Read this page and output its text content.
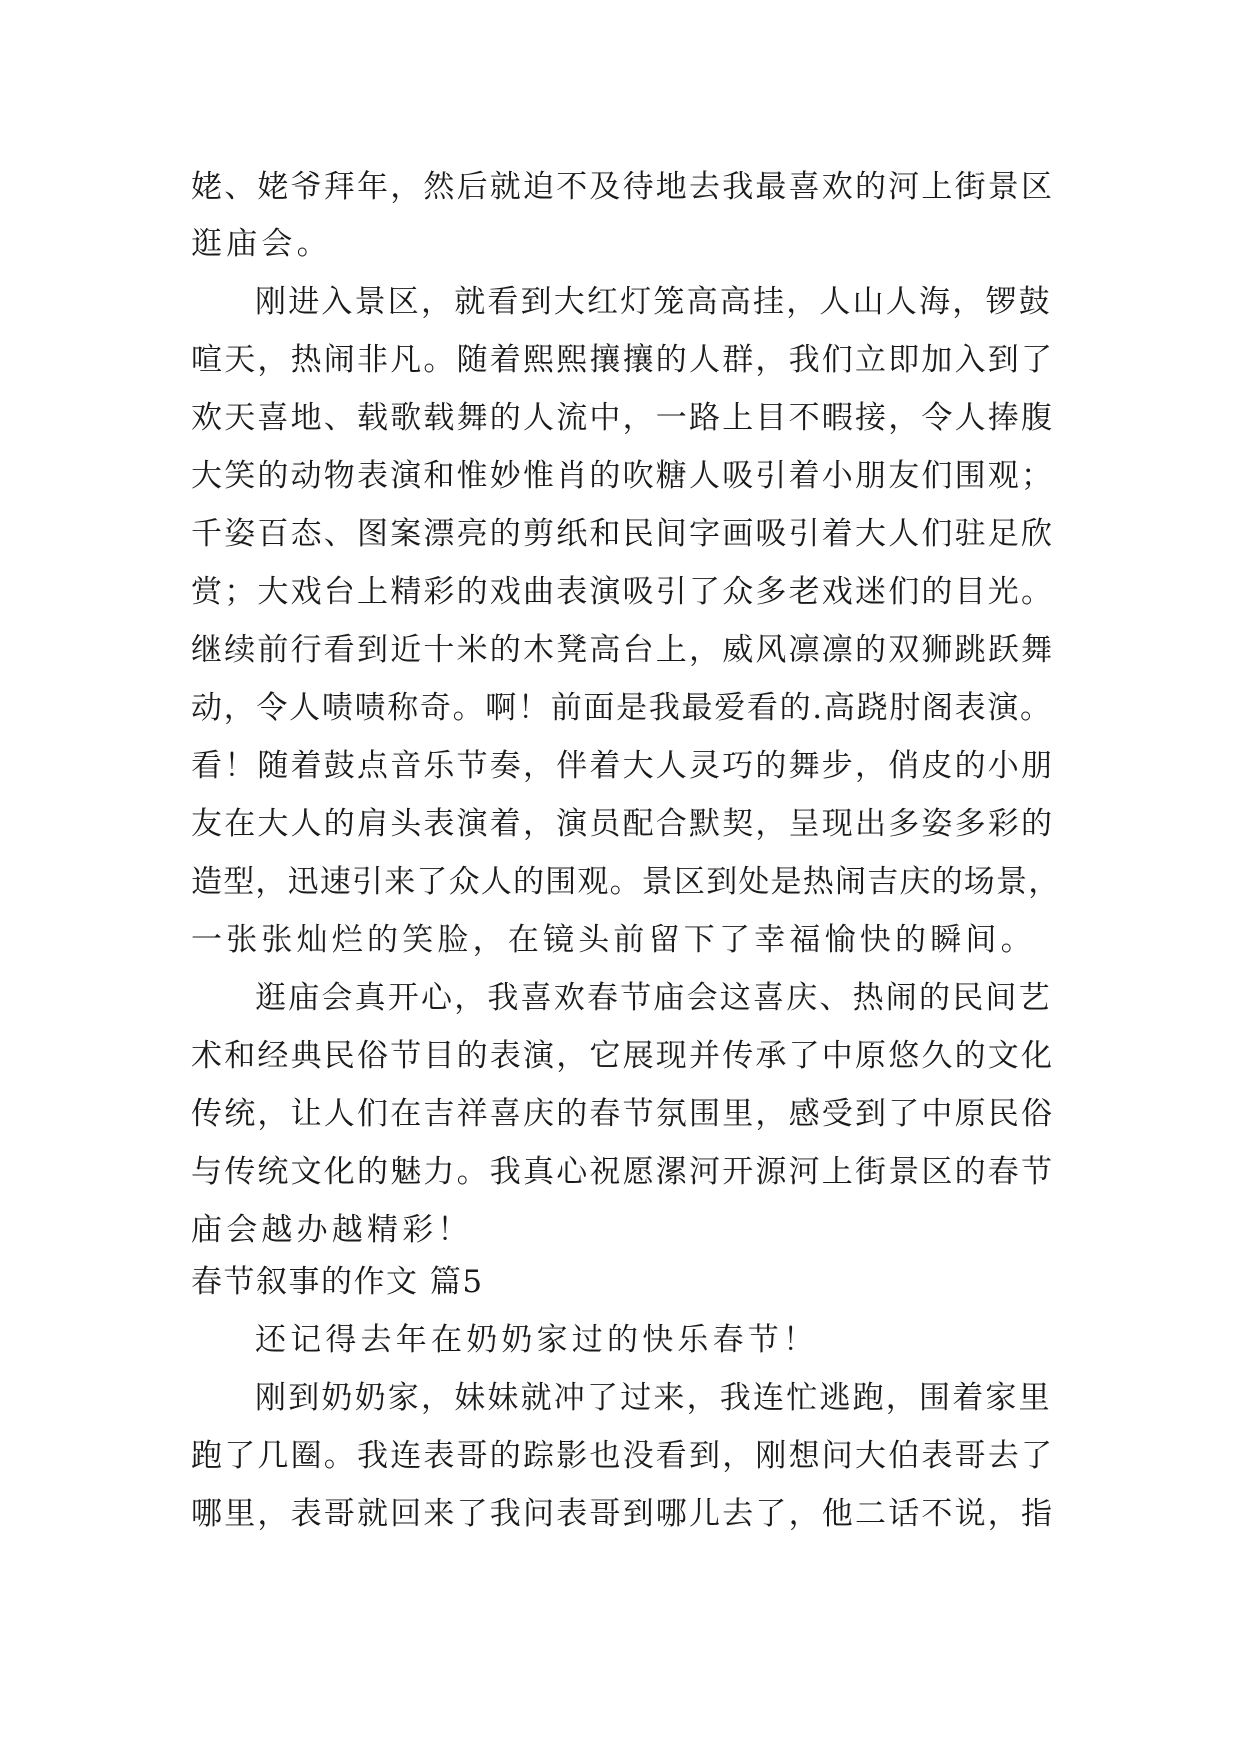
姥、姥爷拜年，然后就迫不及待地去我最喜欢的河上街景区
逛庙会。
刚进入景区，就看到大红灯笼高高挂，人山人海，锣鼓
喧天，热闹非凡。随着熙熙攘攘的人群，我们立即加入到了
欢天喜地、载歌载舞的人流中，一路上目不暇接，令人捧腹
大笑的动物表演和惟妙惟肖的吹糖人吸引着小朋友们围观；
千姿百态、图案漂亮的剪纸和民间字画吸引着大人们驻足欣
赏；大戏台上精彩的戏曲表演吸引了众多老戏迷们的目光。
继续前行看到近十米的木凳高台上，威风凛凛的双狮跳跃舞
动，令人啧啧称奇。啊！前面是我最爱看的.高跷肘阁表演。
看！随着鼓点音乐节奏，伴着大人灵巧的舞步，俏皮的小朋
友在大人的肩头表演着，演员配合默契，呈现出多姿多彩的
造型，迅速引来了众人的围观。景区到处是热闹吉庆的场景，
一张张灿烂的笑脸，在镜头前留下了幸福愉快的瞬间。
逛庙会真开心，我喜欢春节庙会这喜庆、热闹的民间艺
术和经典民俗节目的表演，它展现并传承了中原悠久的文化
传统，让人们在吉祥喜庆的春节氛围里，感受到了中原民俗
与传统文化的魅力。我真心祝愿漯河开源河上街景区的春节
庙会越办越精彩！
春节叙事的作文 篇5
还记得去年在奶奶家过的快乐春节！
刚到奶奶家，妹妹就冲了过来，我连忙逃跑，围着家里
跑了几圈。我连表哥的踪影也没看到，刚想问大伯表哥去了
哪里，表哥就回来了我问表哥到哪儿去了，他二话不说，指
